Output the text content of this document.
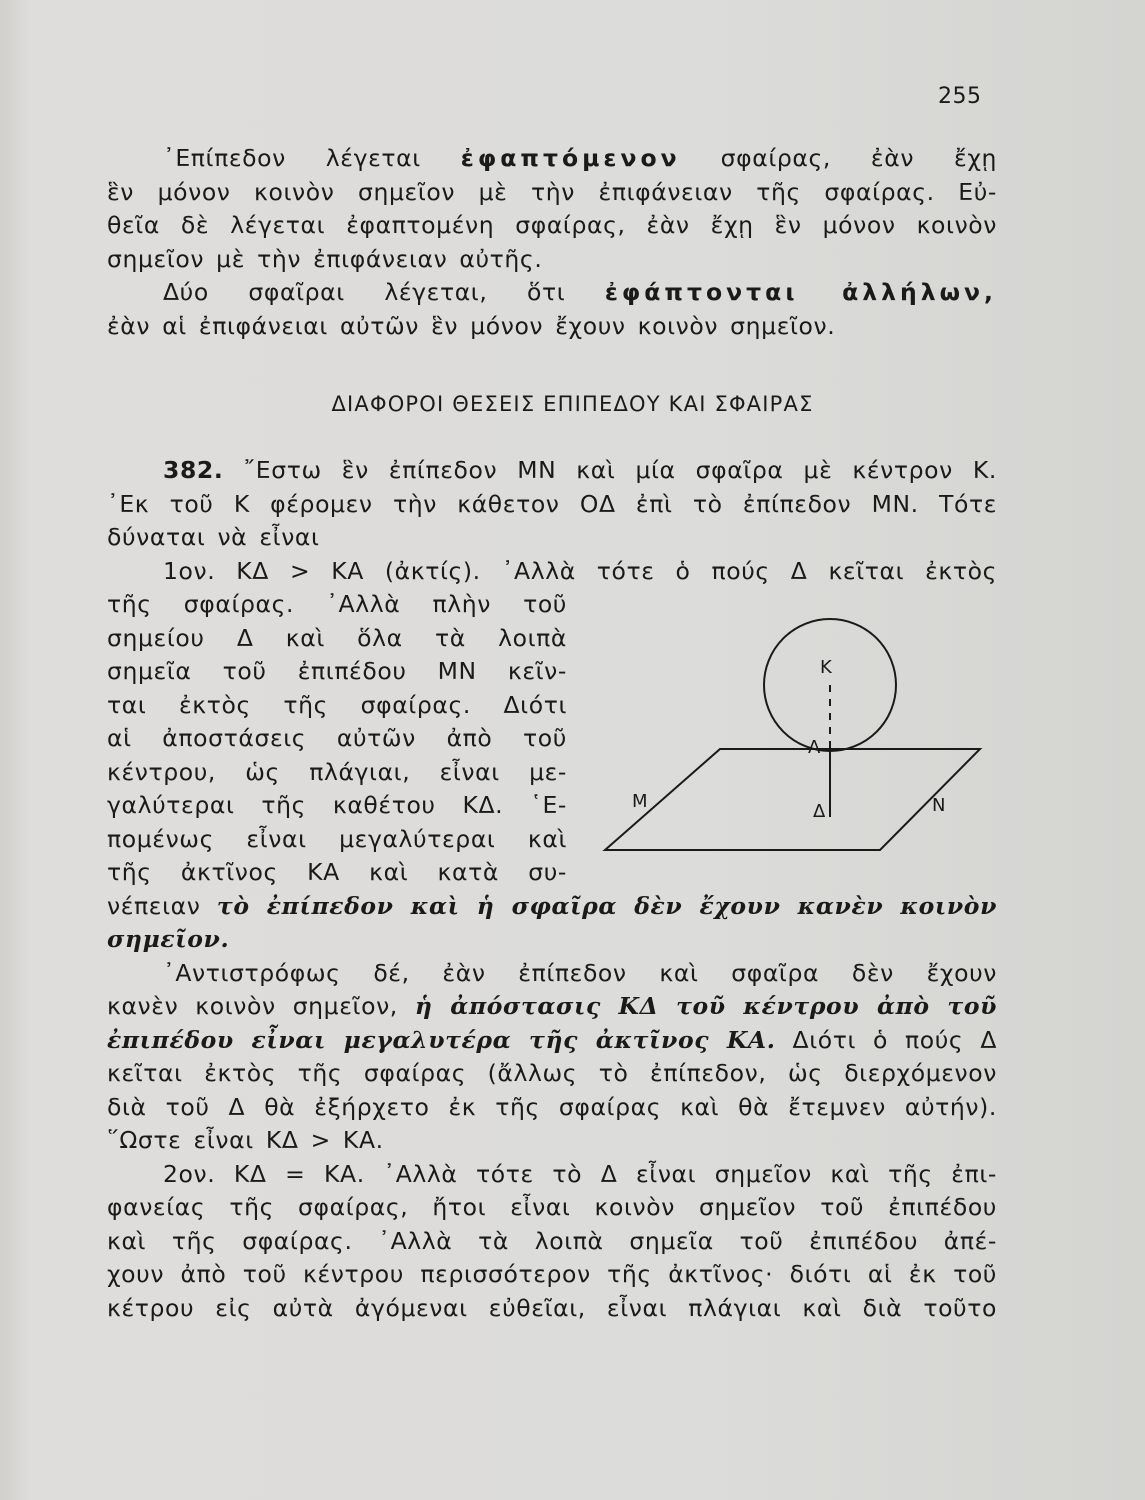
255
᾿Επίπεδον λέγεται ἐφαπτόμενον σφαίρας, ἐὰν ἔχῃ
ἓν μόνον κοινὸν σημεῖον μὲ τὴν ἐπιφάνειαν τῆς σφαίρας. Εὐ-
θεῖα δὲ λέγεται ἐφαπτομένη σφαίρας, ἐὰν ἔχῃ ἓν μόνον κοινὸν
σημεῖον μὲ τὴν ἐπιφάνειαν αὐτῆς.
Δύο σφαῖραι λέγεται, ὅτι ἐφάπτονται ἀλλήλων,
ἐὰν αἱ ἐπιφάνειαι αὐτῶν ἓν μόνον ἔχουν κοινὸν σημεῖον.
ΔΙΑΦΟΡΟΙ ΘΕΣΕΙΣ ΕΠΙΠΕΔΟΥ ΚΑΙ ΣΦΑΙΡΑΣ
382. ῎Εστω ἓν ἐπίπεδον ΜΝ καὶ μία σφαῖρα μὲ κέντρον Κ.
᾿Εκ τοῦ Κ φέρομεν τὴν κάθετον ΟΔ ἐπὶ τὸ ἐπίπεδον ΜΝ. Τότε
δύναται νὰ εἶναι
1ον. ΚΔ > ΚΑ (ἀκτίς). ᾿Αλλὰ τότε ὁ πούς Δ κεῖται ἐκτὸς
τῆς σφαίρας. ᾿Αλλὰ πλὴν τοῦ
σημείου Δ καὶ ὅλα τὰ λοιπὰ
σημεῖα τοῦ ἐπιπέδου ΜΝ κεῖν-
ται ἐκτὸς τῆς σφαίρας. Διότι
αἱ ἀποστάσεις αὐτῶν ἀπὸ τοῦ
κέντρου, ὡς πλάγιαι, εἶναι με-
γαλύτεραι τῆς καθέτου ΚΔ. ῾Ε-
πομένως εἶναι μεγαλύτεραι καὶ
τῆς ἀκτῖνος ΚΑ καὶ κατὰ συ-
νέπειαν τὸ ἐπίπεδον καὶ ἡ σφαῖρα δὲν ἔχουν κανὲν κοινὸν
σημεῖον.
᾿Αντιστρόφως δέ, ἐὰν ἐπίπεδον καὶ σφαῖρα δὲν ἔχουν
κανὲν κοινὸν σημεῖον, ἡ ἀπόστασις ΚΔ τοῦ κέντρου ἀπὸ τοῦ
ἐπιπέδου εἶναι μεγαλυτέρα τῆς ἀκτῖνος ΚΑ. Διότι ὁ πούς Δ
κεῖται ἐκτὸς τῆς σφαίρας (ἄλλως τὸ ἐπίπεδον, ὡς διερχόμενον
διὰ τοῦ Δ θὰ ἐξήρχετο ἐκ τῆς σφαίρας καὶ θὰ ἔτεμνεν αὐτήν).
῞Ωστε εἶναι ΚΔ > ΚΑ.
2ον. ΚΔ = ΚΑ. ᾿Αλλὰ τότε τὸ Δ εἶναι σημεῖον καὶ τῆς ἐπι-
φανείας τῆς σφαίρας, ἤτοι εἶναι κοινὸν σημεῖον τοῦ ἐπιπέδου
καὶ τῆς σφαίρας. ᾿Αλλὰ τὰ λοιπὰ σημεῖα τοῦ ἐπιπέδου ἀπέ-
χουν ἀπὸ τοῦ κέντρου περισσότερον τῆς ἀκτῖνος· διότι αἱ ἐκ τοῦ
κέτρου εἰς αὐτὰ ἀγόμεναι εὐθεῖαι, εἶναι πλάγιαι καὶ διὰ τοῦτο
Κ
Α
Μ	Ν
Δ
